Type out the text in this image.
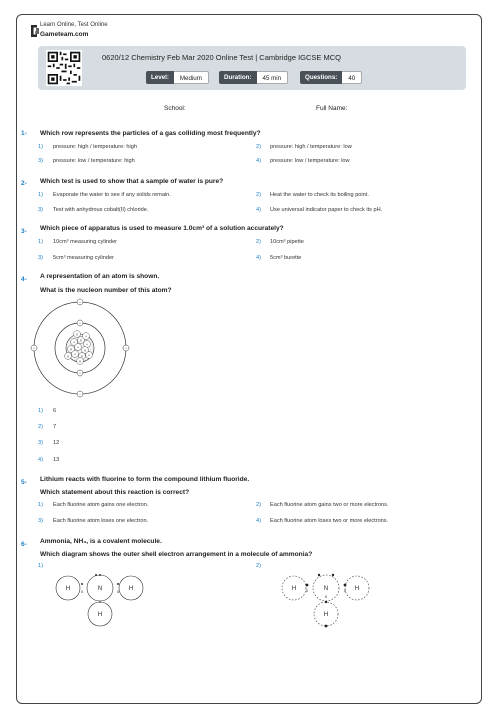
Learn Online, Test Online
Gameteam.com
0620/12 Chemistry Feb Mar 2020 Online Test | Cambridge IGCSE MCQ
Level:	Medium	Duration:	45 min	Questions:	40
School:	Full Name:
1- Which row represents the particles of a gas colliding most frequently?
1) pressure: high / temperature: high	2) pressure: high / temperature: low
3) pressure: low / temperature: high	4) pressure: low / temperature: low
2- Which test is used to show that a sample of water is pure?
1) Evaporate the water to see if any solids remain.	2) Heat the water to check its boiling point.
3) Test with anhydrous cobalt(II) chloride.	4) Use universal indicator paper to check its pH.
3- Which piece of apparatus is used to measure 1.0cm³ of a solution accurately?
1) 10cm³ measuring cylinder	2) 10cm³ pipette
3) 5cm³ measuring cylinder	4) 5cm³ burette
4- A representation of an atom is shown.
What is the nucleon number of this atom?
+ n
+
n +
n
+ n +
n
n
+
n
–
–
–
–
–	–
1) 6
2) 7
3) 12
4) 13
5- Lithium reacts with fluorine to form the compound lithium fluoride.
Which statement about this reaction is correct?
1) Each fluorine atom gains one electron.	2) Each fluorine atom gains two or more electrons.
3) Each fluorine atom loses one electron.	4) Each fluorine atom loses two or more electrons.
6- Ammonia, NH₃, is a covalent molecule.
Which diagram shows the outer shell electron arrangement in a molecule of ammonia?
1)	2)
H	N	H
H
x	x
x
H	N	H
H
x	x
x
